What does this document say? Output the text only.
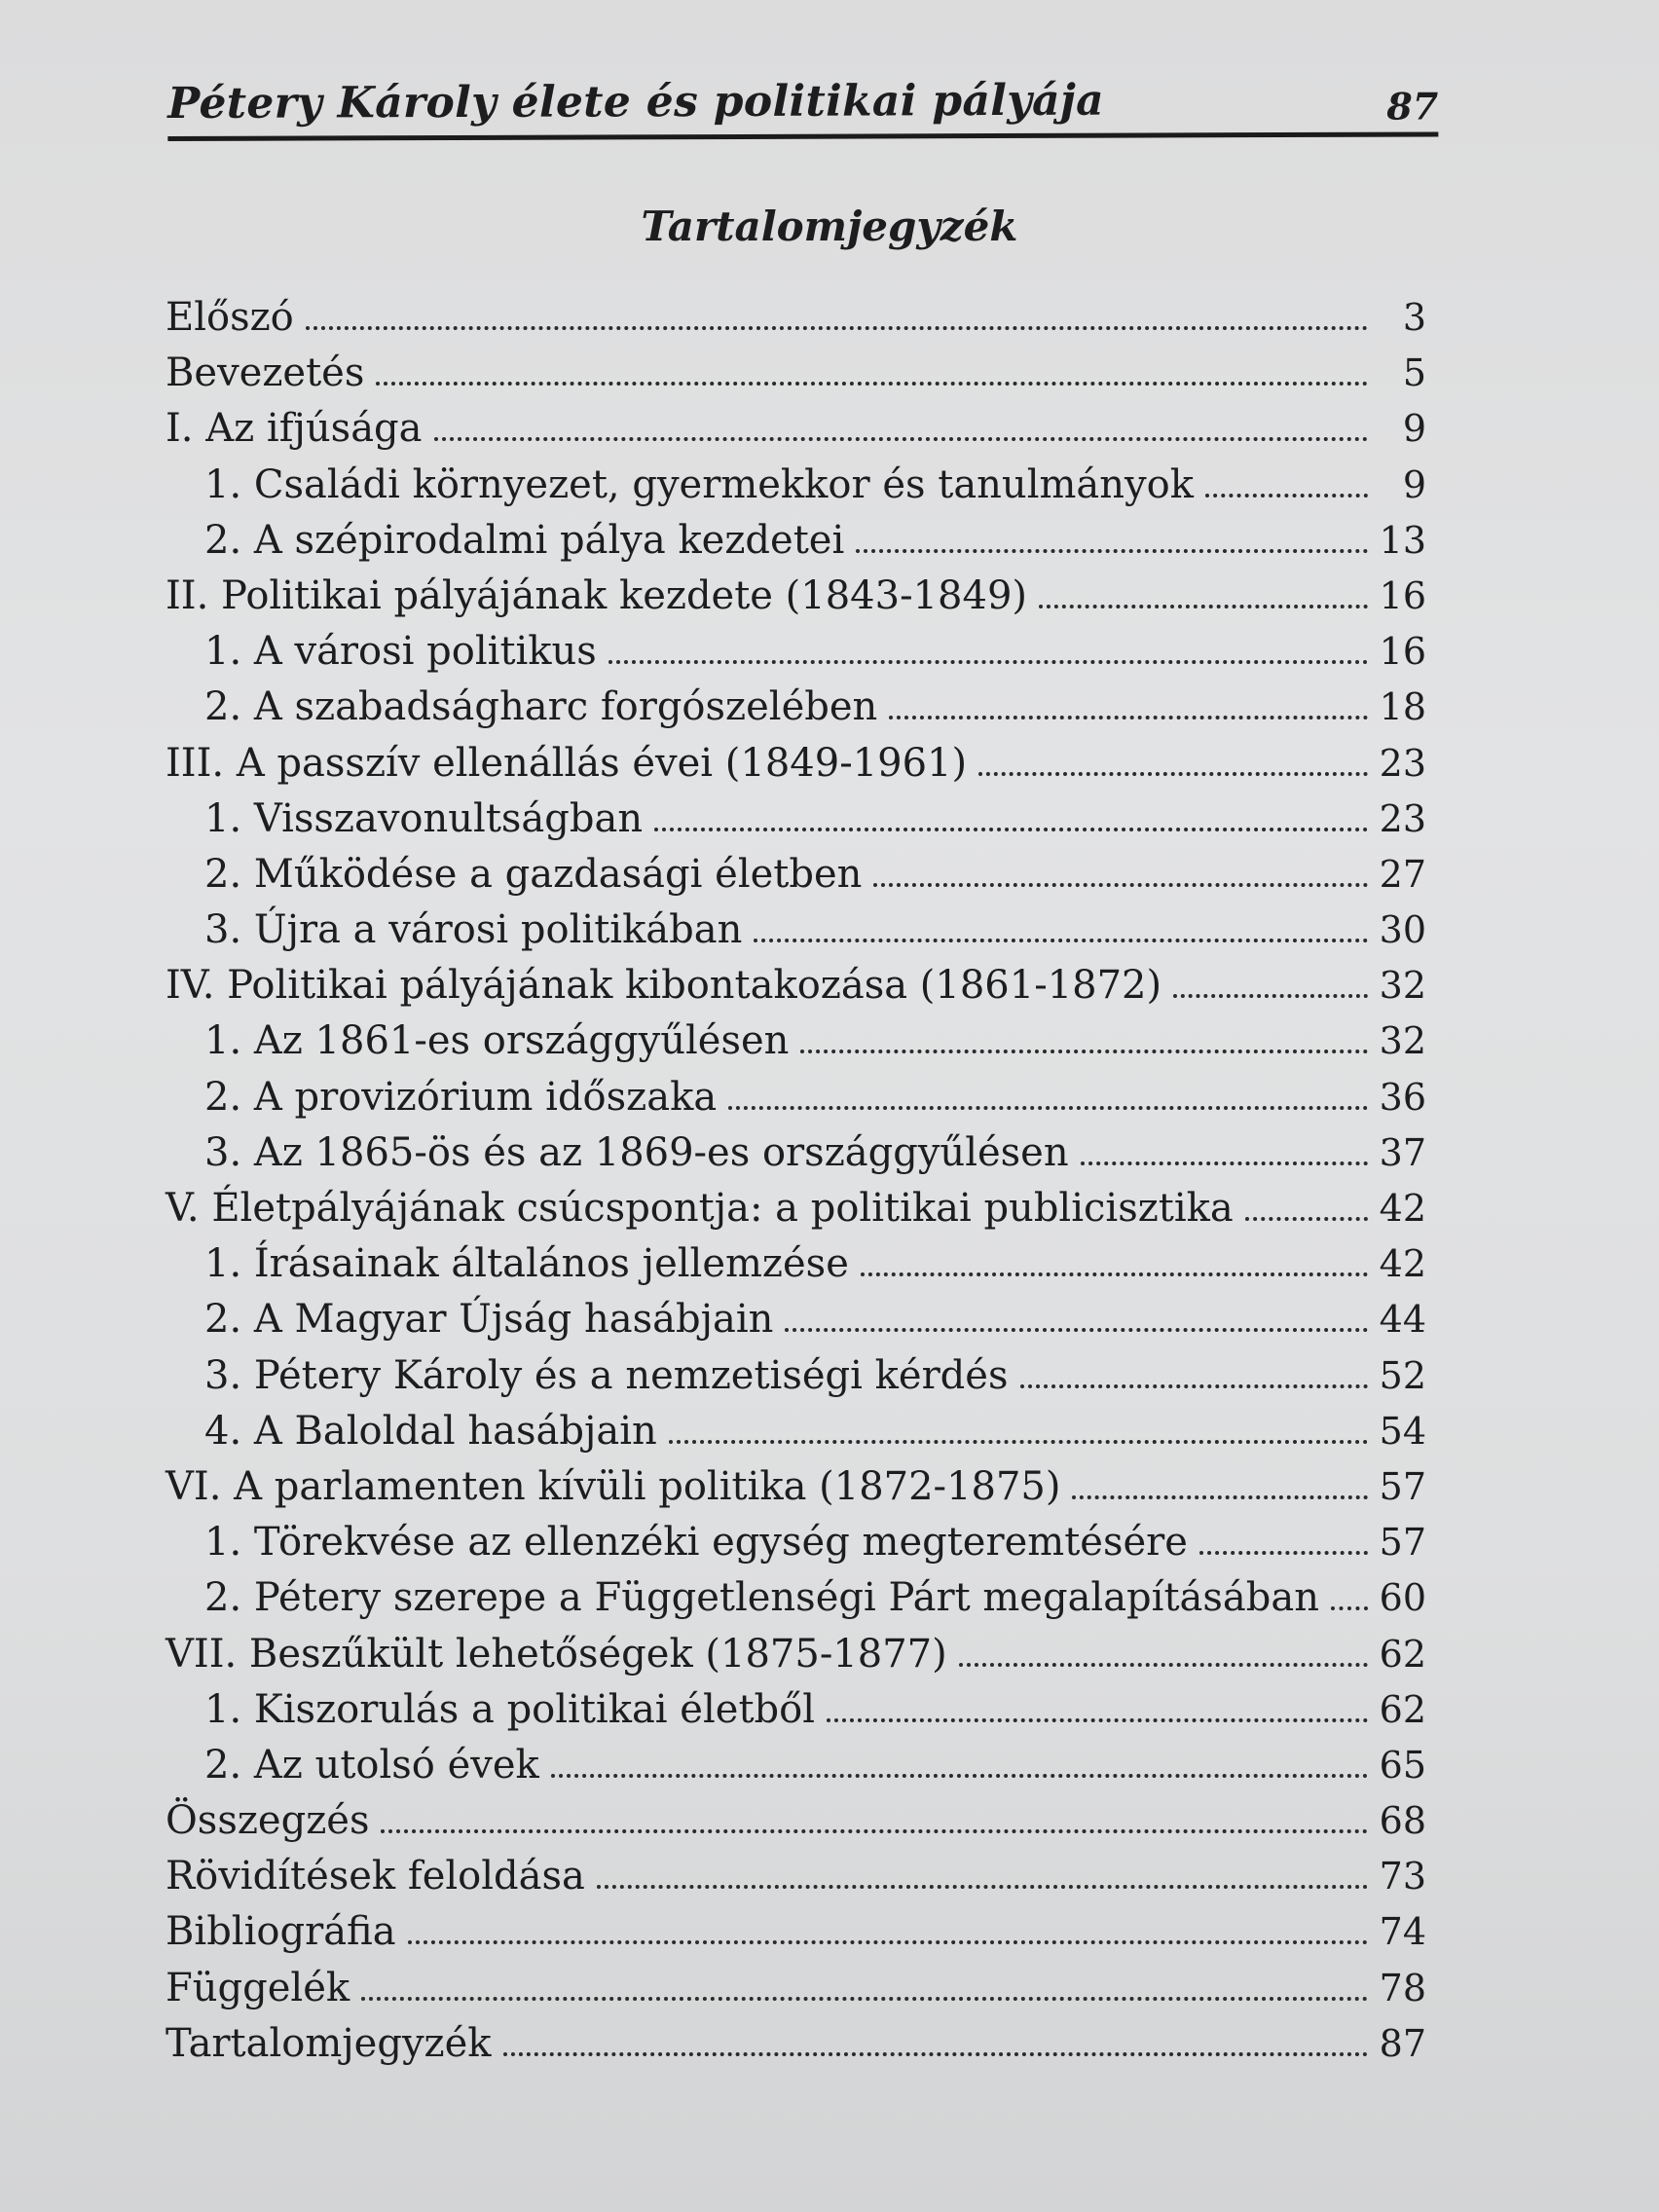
Pétery Károly élete és politikai pályája	87
Tartalomjegyzék
Előszó	3
Bevezetés	5
I. Az ifjúsága	9
1. Családi környezet, gyermekkor és tanulmányok	9
2. A szépirodalmi pálya kezdetei	13
II. Politikai pályájának kezdete (1843-1849)	16
1. A városi politikus	16
2. A szabadságharc forgószelében	18
III. A passzív ellenállás évei (1849-1961)	23
1. Visszavonultságban	23
2. Működése a gazdasági életben	27
3. Újra a városi politikában	30
IV. Politikai pályájának kibontakozása (1861-1872)	32
1. Az 1861-es országgyűlésen	32
2. A provizórium időszaka	36
3. Az 1865-ös és az 1869-es országgyűlésen	37
V. Életpályájának csúcspontja: a politikai publicisztika	42
1. Írásainak általános jellemzése	42
2. A Magyar Újság hasábjain	44
3. Pétery Károly és a nemzetiségi kérdés	52
4. A Baloldal hasábjain	54
VI. A parlamenten kívüli politika (1872-1875)	57
1. Törekvése az ellenzéki egység megteremtésére	57
2. Pétery szerepe a Függetlenségi Párt megalapításában	60
VII. Beszűkült lehetőségek (1875-1877)	62
1. Kiszorulás a politikai életből	62
2. Az utolsó évek	65
Összegzés	68
Rövidítések feloldása	73
Bibliográfia	74
Függelék	78
Tartalomjegyzék	87
